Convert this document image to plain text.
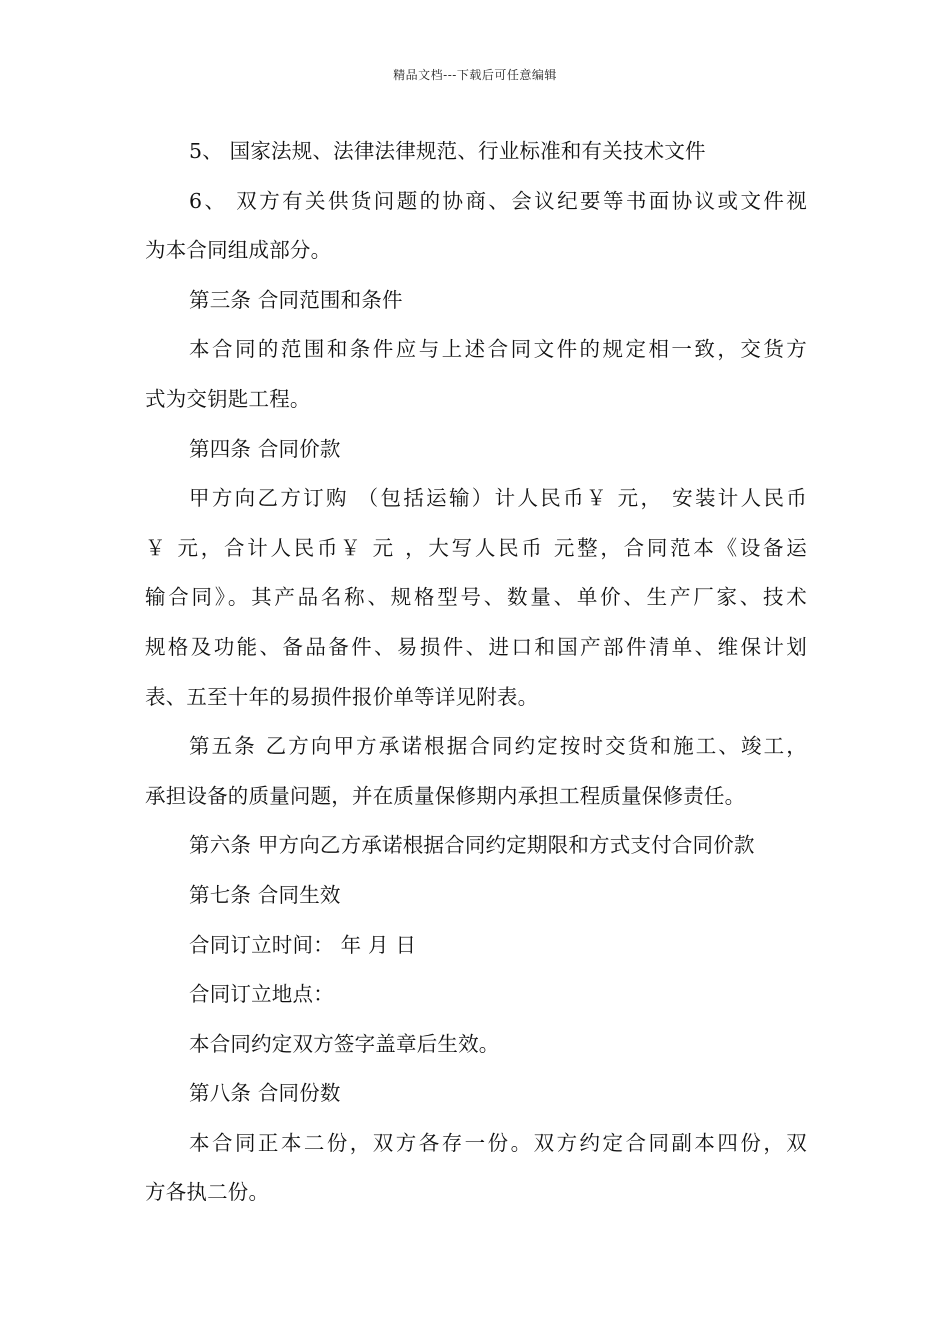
精品文档---下载后可任意编辑
5、 国家法规、法律法律规范、行业标准和有关技术文件
6、 双方有关供货问题的协商、会议纪要等书面协议或文件视
为本合同组成部分。
第三条 合同范围和条件
本合同的范围和条件应与上述合同文件的规定相一致，交货方
式为交钥匙工程。
第四条 合同价款
甲方向乙方订购 （包括运输）计人民币￥ 元， 安装计人民币
￥ 元，合计人民币￥ 元 ，大写人民币 元整，合同范本《设备运
输合同》。其产品名称、规格型号、数量、单价、生产厂家、技术
规格及功能、备品备件、易损件、进口和国产部件清单、维保计划
表、五至十年的易损件报价单等详见附表。
第五条 乙方向甲方承诺根据合同约定按时交货和施工、竣工，
承担设备的质量问题，并在质量保修期内承担工程质量保修责任。
第六条 甲方向乙方承诺根据合同约定期限和方式支付合同价款
第七条 合同生效
合同订立时间： 年 月 日
合同订立地点：
本合同约定双方签字盖章后生效。
第八条 合同份数
本合同正本二份，双方各存一份。双方约定合同副本四份，双
方各执二份。
